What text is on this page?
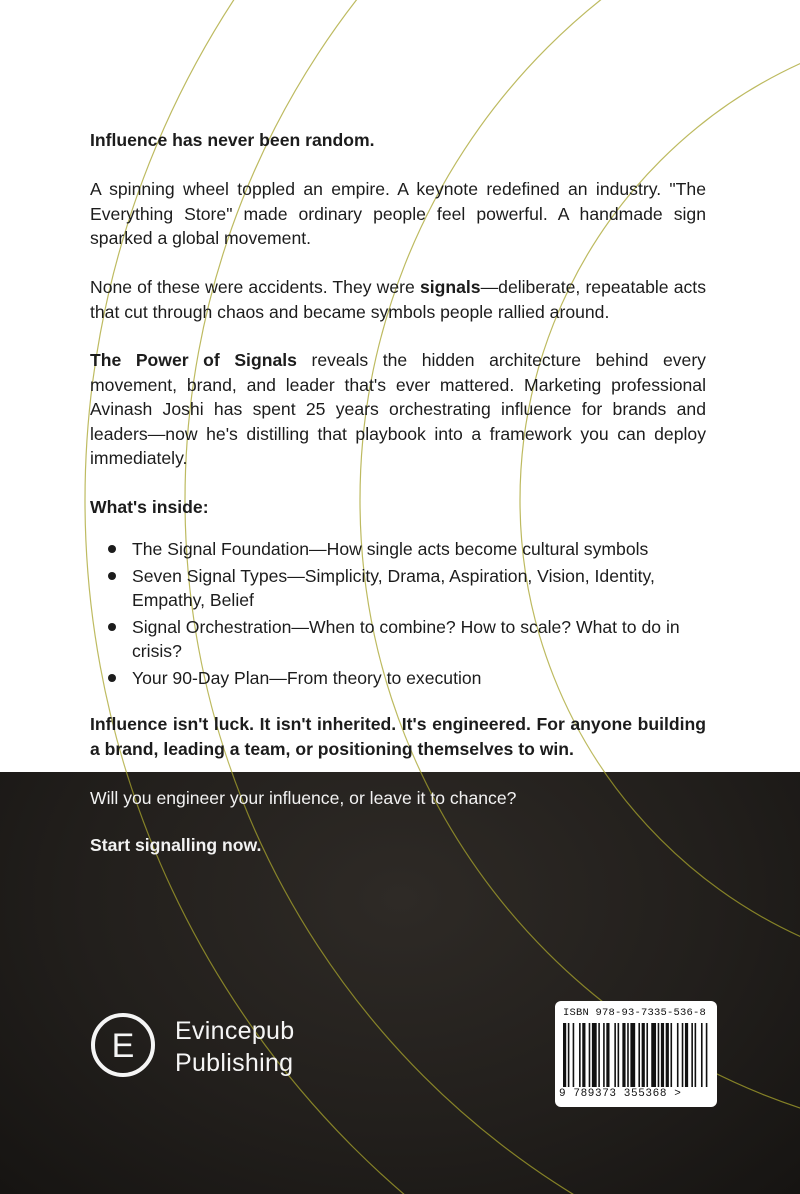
Influence has never been random.
A spinning wheel toppled an empire. A keynote redefined an industry. "The Everything Store" made ordinary people feel powerful. A handmade sign sparked a global movement.
None of these were accidents. They were signals—deliberate, repeatable acts that cut through chaos and became symbols people rallied around.
The Power of Signals reveals the hidden architecture behind every movement, brand, and leader that's ever mattered. Marketing professional Avinash Joshi has spent 25 years orchestrating influence for brands and leaders—now he's distilling that playbook into a framework you can deploy immediately.
What's inside:
The Signal Foundation—How single acts become cultural symbols
Seven Signal Types—Simplicity, Drama, Aspiration, Vision, Identity, Empathy, Belief
Signal Orchestration—When to combine? How to scale? What to do in crisis?
Your 90-Day Plan—From theory to execution
Influence isn't luck. It isn't inherited. It's engineered. For anyone building a brand, leading a team, or positioning themselves to win.
Will you engineer your influence, or leave it to chance?
Start signalling now.
E Evincepub
Publishing
ISBN 978-93-7335-536-8
9 789373 355368 >
